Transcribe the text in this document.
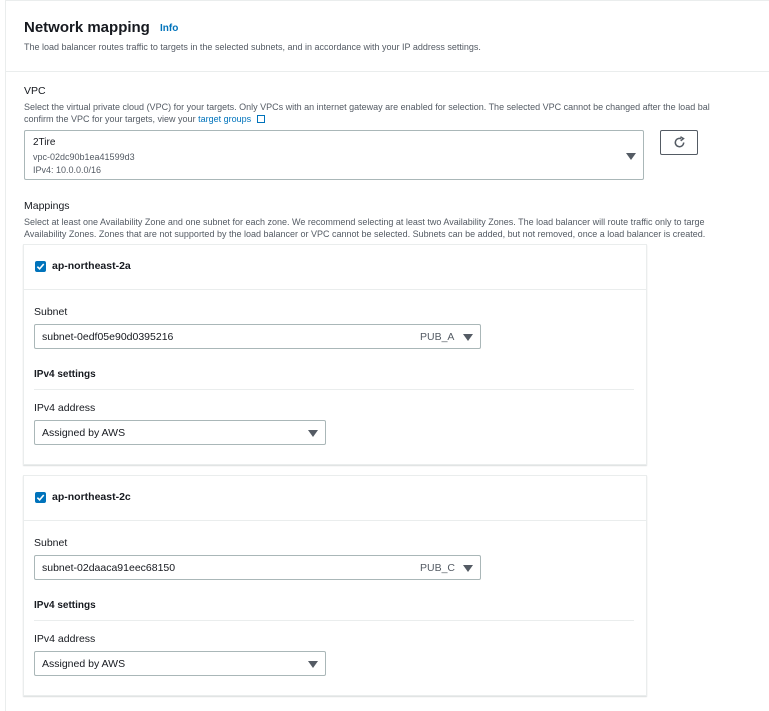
Network mapping Info
The load balancer routes traffic to targets in the selected subnets, and in accordance with your IP address settings.
VPC
Select the virtual private cloud (VPC) for your targets. Only VPCs with an internet gateway are enabled for selection. The selected VPC cannot be changed after the load bal
confirm the VPC for your targets, view your target groups
2Tire
vpc-02dc90b1ea41599d3
IPv4: 10.0.0.0/16
Mappings
Select at least one Availability Zone and one subnet for each zone. We recommend selecting at least two Availability Zones. The load balancer will route traffic only to targe
Availability Zones. Zones that are not supported by the load balancer or VPC cannot be selected. Subnets can be added, but not removed, once a load balancer is created.
ap-northeast-2a
Subnet
subnet-0edf05e90d0395216	PUB_A
IPv4 settings
IPv4 address
Assigned by AWS
ap-northeast-2c
Subnet
subnet-02daaca91eec68150	PUB_C
IPv4 settings
IPv4 address
Assigned by AWS
